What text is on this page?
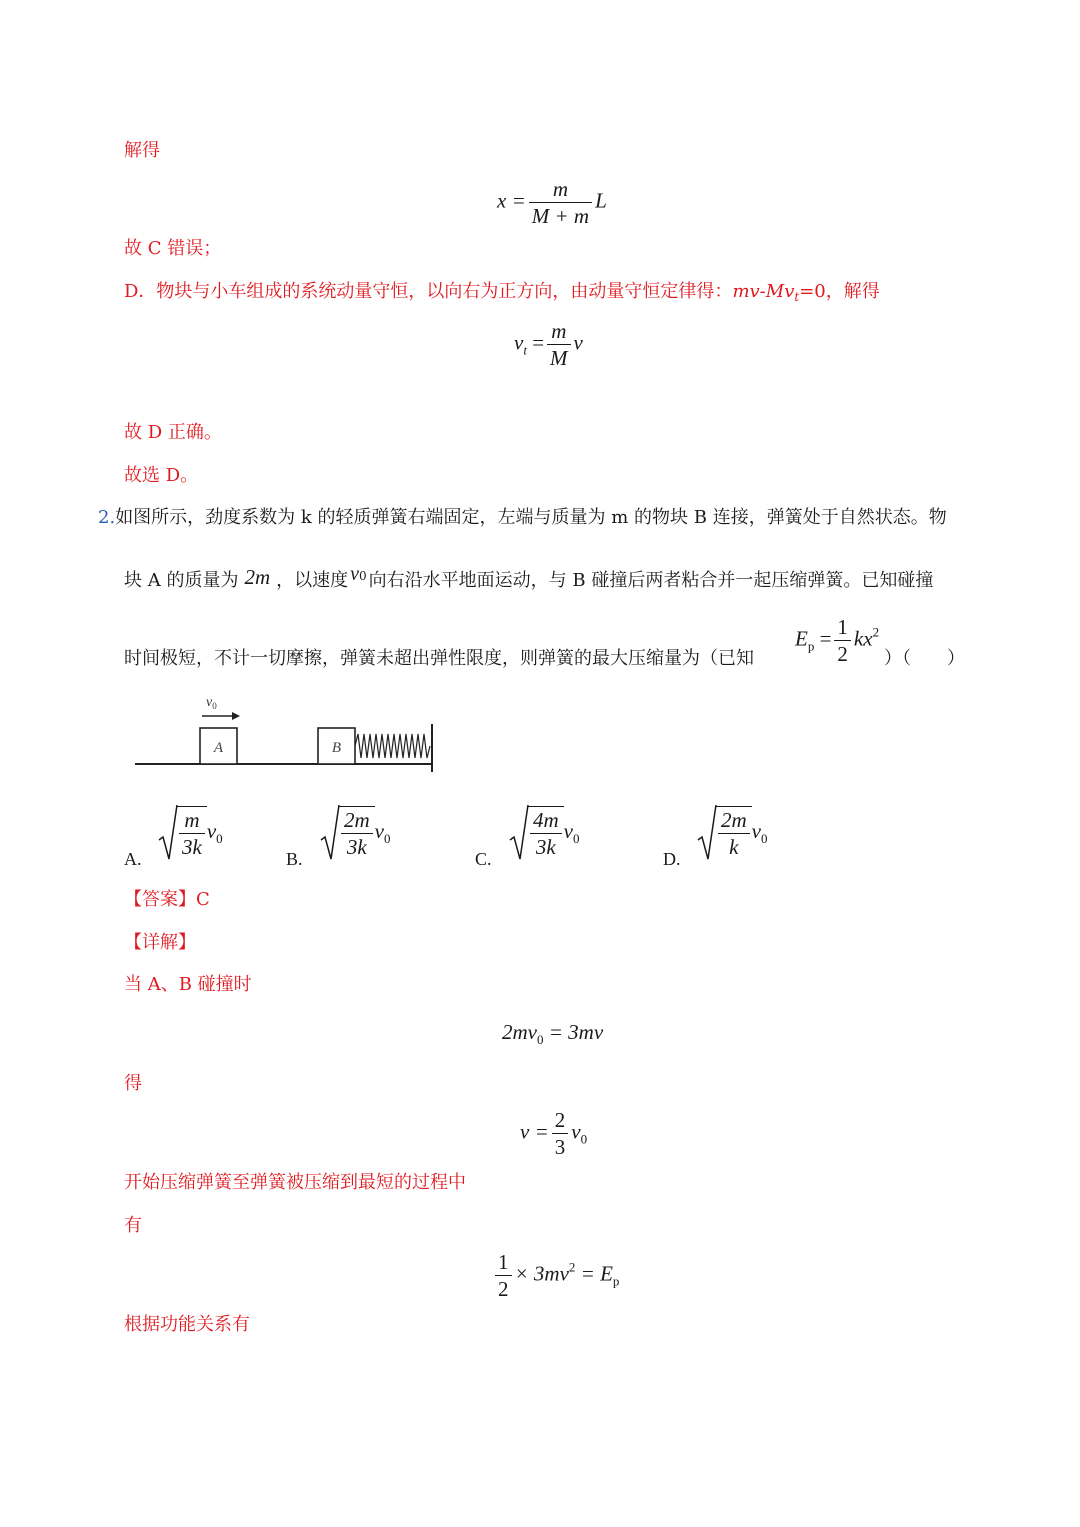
解得
$x = \frac{m}{M + m}$ L
故 C 错误；
D．物块与小车组成的系统动量守恒，以向右为正方向，由动量守恒定律得：$mv-Mv_t=0$，解得
$v_t = \frac{m}{M}$ v
故 D 正确。
故选 D。
2.如图所示，劲度系数为 k 的轻质弹簧右端固定，左端与质量为 m 的物块 B 连接，弹簧处于自然状态。物
块 A 的质量为 2m ，以速度 v0 向右沿水平地面运动，与 B 碰撞后两者粘合并一起压缩弹簧。已知碰撞
时间极短，不计一切摩擦，弹簧未超出弹性限度，则弹簧的最大压缩量为（已知
$E_p = \frac{1}{2} kx^2$
）（　　）
$v_0$
A	B
A. $\frac{m}{3k} v_0$
B. $\frac{2m}{3k} v_0$
C. $\frac{4m}{3k} v_0$
D. $\frac{2m}{k} v_0$
【答案】C
【详解】
当 A、B 碰撞时
$2mv_0 = 3mv$
得
$v = \frac{2}{3} v_0$
开始压缩弹簧至弹簧被压缩到最短的过程中
有
$\frac{1}{2} \times 3mv^2 = E_p$
根据功能关系有
